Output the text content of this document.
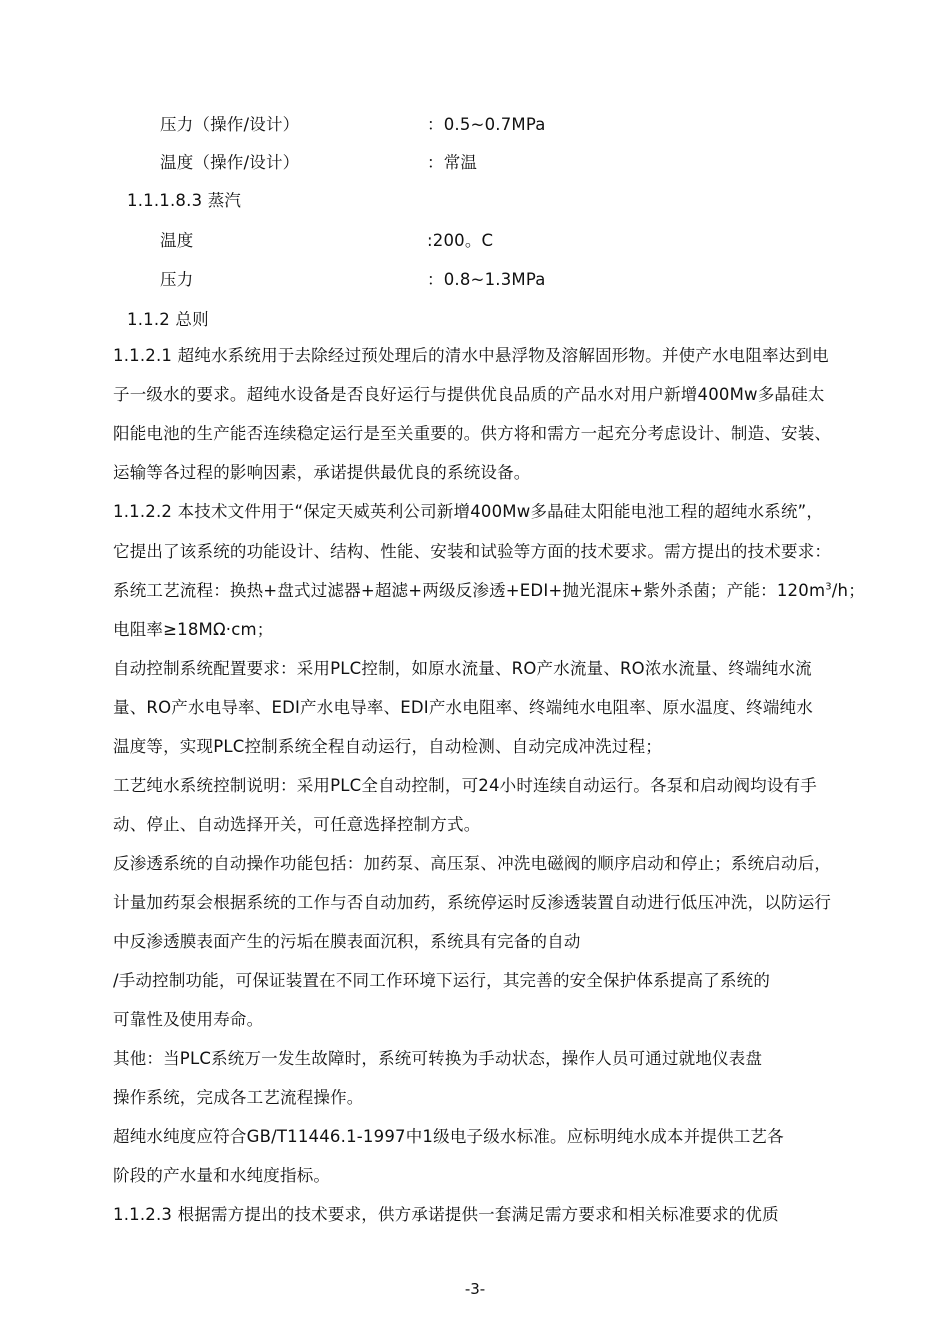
压力（操作/设计）	：0.5~0.7MPa
温度（操作/设计）	：常温
1.1.1.8.3 蒸汽
温度	:200。C
压力	：0.8~1.3MPa
1.1.2 总则
1.1.2.1 超纯水系统用于去除经过预处理后的清水中悬浮物及溶解固形物。并使产水电阻率达到电
子一级水的要求。超纯水设备是否良好运行与提供优良品质的产品水对用户新增400Mw多晶硅太
阳能电池的生产能否连续稳定运行是至关重要的。供方将和需方一起充分考虑设计、制造、安装、
运输等各过程的影响因素，承诺提供最优良的系统设备。
1.1.2.2 本技术文件用于“保定天威英利公司新增400Mw多晶硅太阳能电池工程的超纯水系统”，
它提出了该系统的功能设计、结构、性能、安装和试验等方面的技术要求。需方提出的技术要求：
系统工艺流程：换热+盘式过滤器+超滤+两级反渗透+EDI+抛光混床+紫外杀菌；产能：$120m^3/h$；
电阻率≥18MΩ·cm；
自动控制系统配置要求：采用PLC控制，如原水流量、RO产水流量、RO浓水流量、终端纯水流
量、RO产水电导率、EDI产水电导率、EDI产水电阻率、终端纯水电阻率、原水温度、终端纯水
温度等，实现PLC控制系统全程自动运行，自动检测、自动完成冲洗过程；
工艺纯水系统控制说明：采用PLC全自动控制，可24小时连续自动运行。各泵和启动阀均设有手
动、停止、自动选择开关，可任意选择控制方式。
反渗透系统的自动操作功能包括：加药泵、高压泵、冲洗电磁阀的顺序启动和停止；系统启动后，
计量加药泵会根据系统的工作与否自动加药，系统停运时反渗透装置自动进行低压冲洗，以防运行
中反渗透膜表面产生的污垢在膜表面沉积，系统具有完备的自动
/手动控制功能，可保证装置在不同工作环境下运行，其完善的安全保护体系提高了系统的
可靠性及使用寿命。
其他：当PLC系统万一发生故障时，系统可转换为手动状态，操作人员可通过就地仪表盘
操作系统，完成各工艺流程操作。
超纯水纯度应符合GB/T11446.1-1997中1级电子级水标准。应标明纯水成本并提供工艺各
阶段的产水量和水纯度指标。
1.1.2.3 根据需方提出的技术要求，供方承诺提供一套满足需方要求和相关标准要求的优质
-3-
